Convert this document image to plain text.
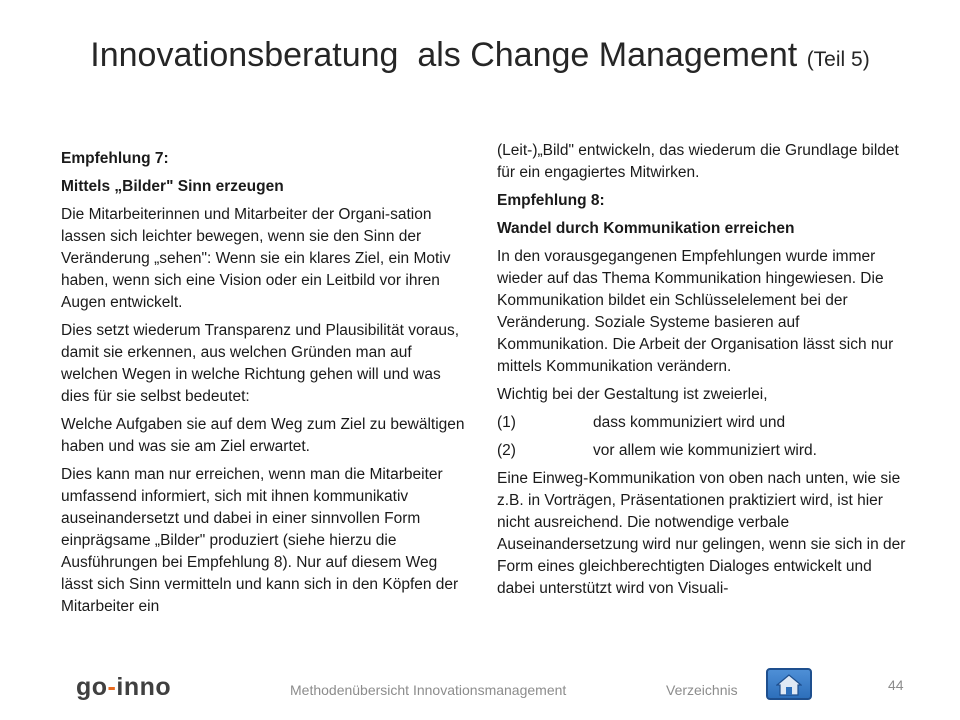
Innovationsberatung  als Change Management (Teil 5)

Empfehlung 7:

Mittels „Bilder" Sinn erzeugen

Die Mitarbeiterinnen und Mitarbeiter der Organi-sation lassen sich leichter bewegen, wenn sie den Sinn der Veränderung „sehen": Wenn sie ein klares Ziel, ein Motiv haben, wenn sich eine Vision oder ein Leitbild vor ihren Augen entwickelt.

Dies setzt wiederum Transparenz und Plausibilität voraus, damit sie erkennen, aus welchen Gründen man auf welchen Wegen in welche Richtung gehen will und was dies für sie selbst bedeutet:

Welche Aufgaben sie auf dem Weg zum Ziel zu bewältigen haben und was sie am Ziel erwartet.

Dies kann man nur erreichen, wenn man die Mitarbeiter umfassend informiert, sich mit ihnen kommunikativ auseinandersetzt und dabei in einer sinnvollen Form einprägsame „Bilder" produziert (siehe hierzu die Ausführungen bei Empfehlung 8). Nur auf diesem Weg lässt sich Sinn vermitteln und kann sich in den Köpfen der Mitarbeiter ein

(Leit-)„Bild" entwickeln, das wiederum die Grundlage bildet für ein engagiertes Mitwirken.

Empfehlung 8:

Wandel durch Kommunikation erreichen

In den vorausgegangenen Empfehlungen wurde immer wieder auf das Thema Kommunikation hingewiesen. Die Kommunikation bildet ein Schlüsselelement bei der Veränderung. Soziale Systeme basieren auf Kommunikation. Die Arbeit der Organisation lässt sich nur mittels Kommunikation verändern.

Wichtig bei der Gestaltung ist zweierlei,

(1)	dass kommuniziert wird und

(2)	vor allem wie kommuniziert wird.

Eine Einweg-Kommunikation von oben nach unten, wie sie z.B. in Vorträgen, Präsentationen praktiziert wird, ist hier nicht ausreichend. Die notwendige verbale Auseinandersetzung wird nur gelingen, wenn sie sich in der Form eines gleichberechtigten Dialoges entwickelt und dabei unterstützt wird von Visuali-

go-inno	Methodenübersicht Innovationsmanagement	Verzeichnis	44
